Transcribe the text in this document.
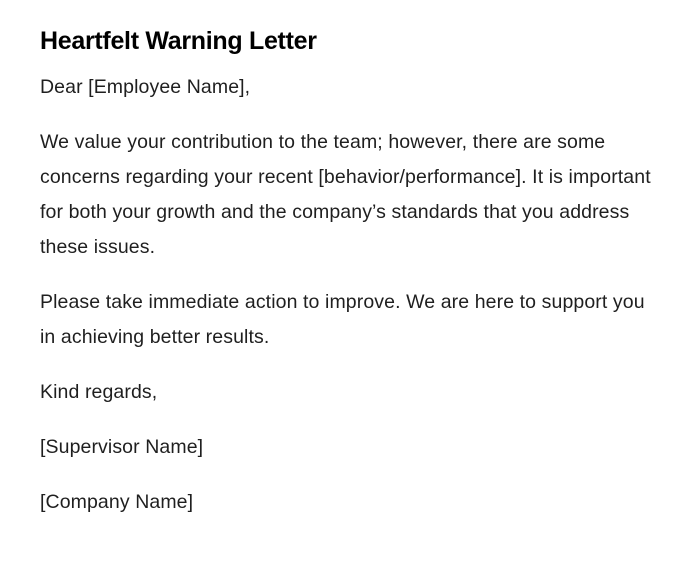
Heartfelt Warning Letter

Dear [Employee Name],

We value your contribution to the team; however, there are some concerns regarding your recent [behavior/performance]. It is important for both your growth and the company’s standards that you address these issues.

Please take immediate action to improve. We are here to support you in achieving better results.

Kind regards,

[Supervisor Name]

[Company Name]
